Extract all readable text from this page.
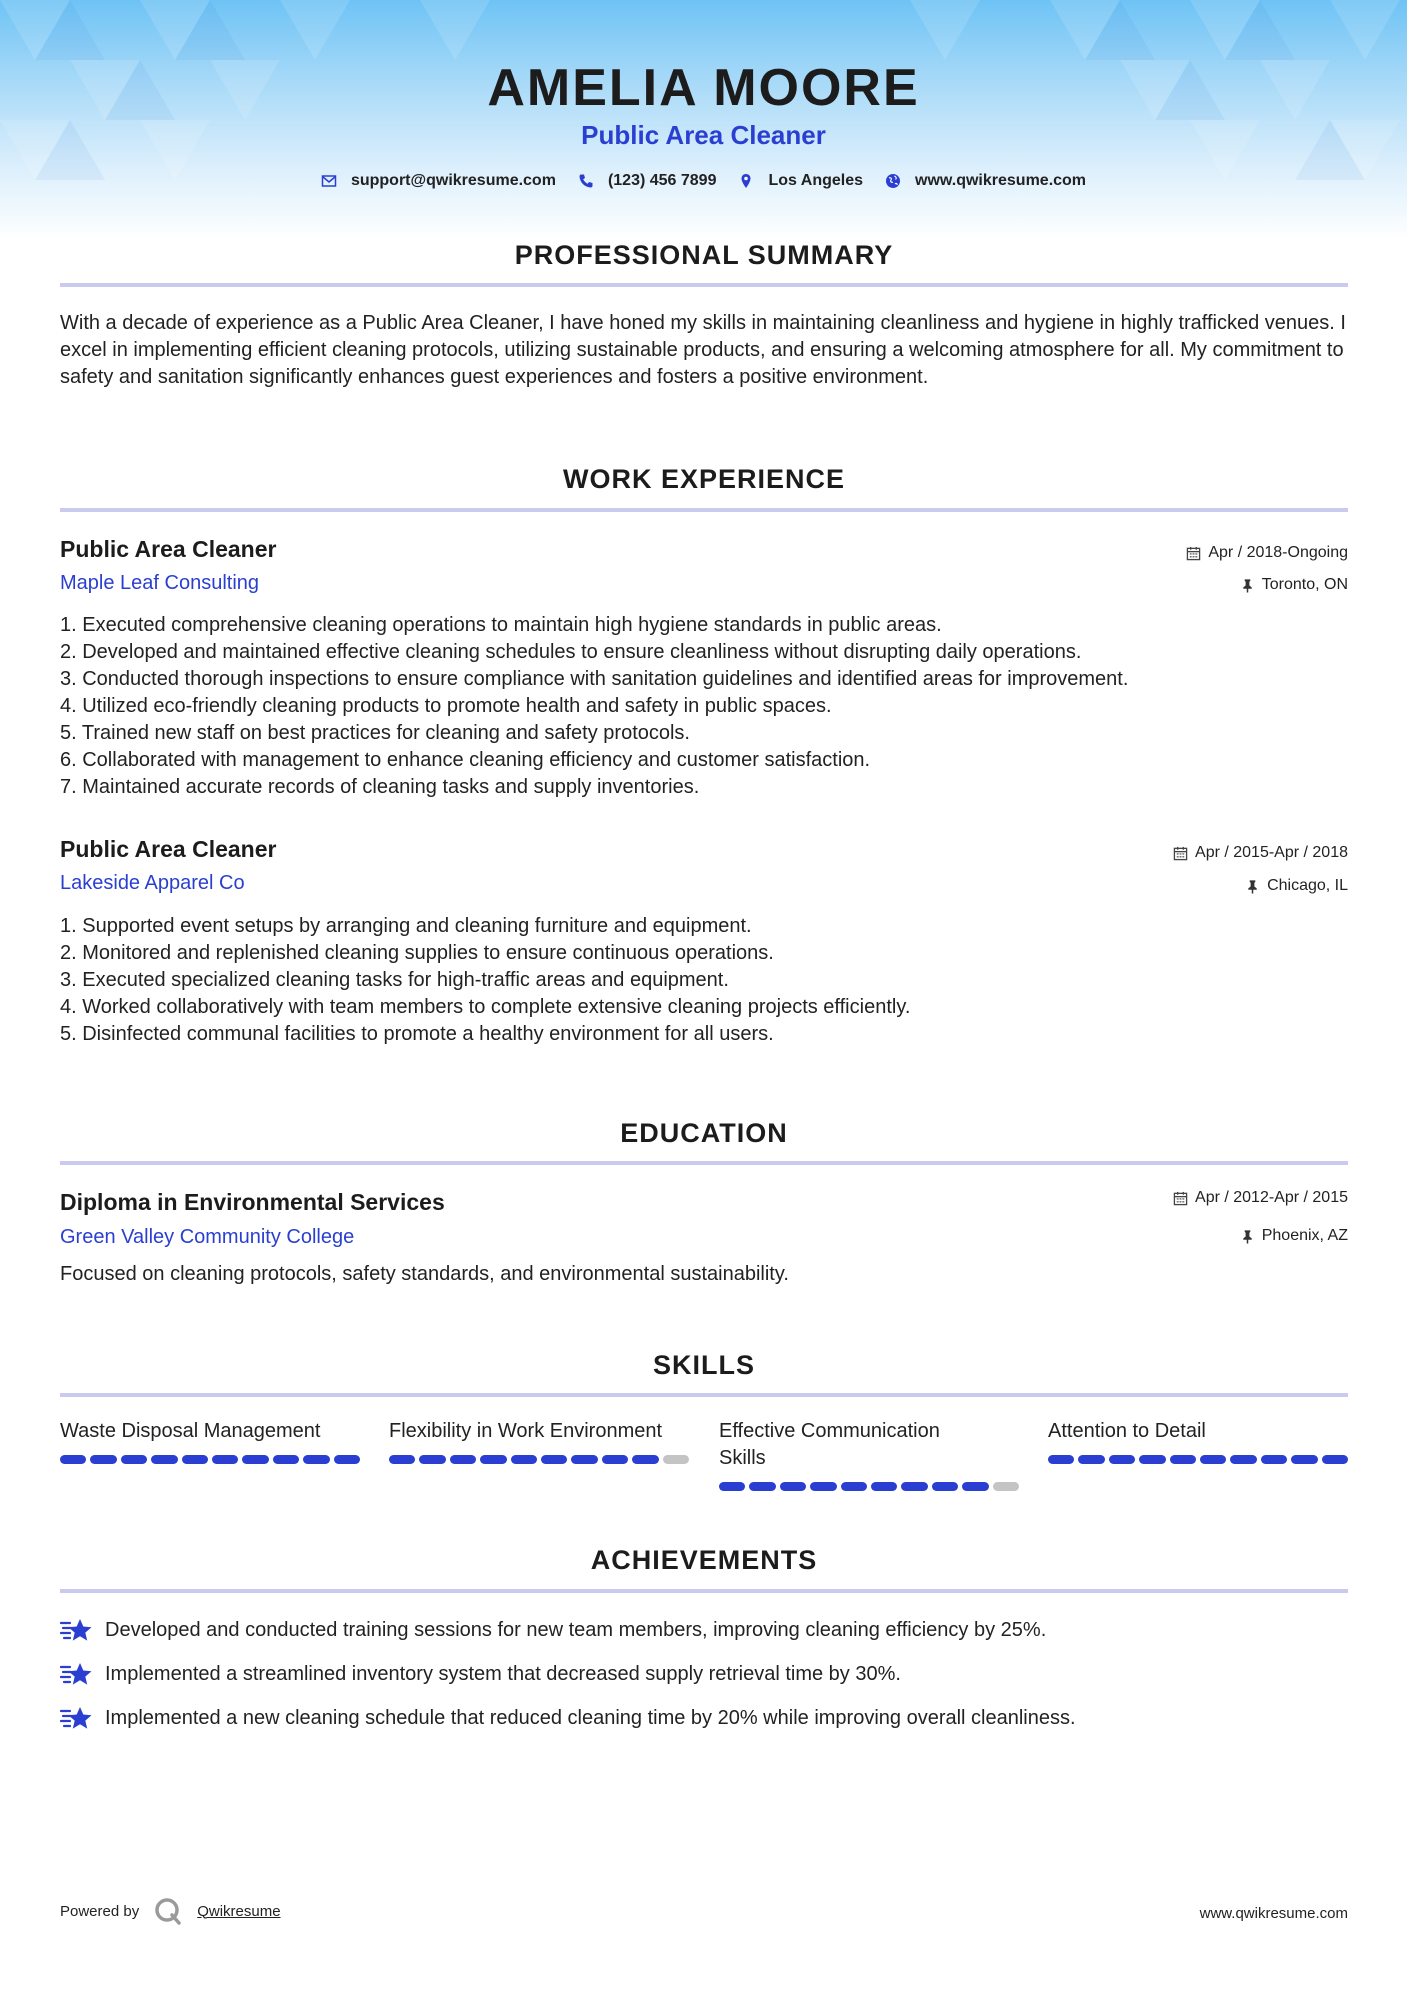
AMELIA MOORE
Public Area Cleaner
support@qwikresume.com	(123) 456 7899	Los Angeles	www.qwikresume.com
PROFESSIONAL SUMMARY
With a decade of experience as a Public Area Cleaner, I have honed my skills in maintaining cleanliness and hygiene in highly trafficked venues. I excel in implementing efficient cleaning protocols, utilizing sustainable products, and ensuring a welcoming atmosphere for all. My commitment to safety and sanitation significantly enhances guest experiences and fosters a positive environment.
WORK EXPERIENCE
Public Area Cleaner	Apr / 2018-Ongoing
Maple Leaf Consulting	Toronto, ON
1. Executed comprehensive cleaning operations to maintain high hygiene standards in public areas.
2. Developed and maintained effective cleaning schedules to ensure cleanliness without disrupting daily operations.
3. Conducted thorough inspections to ensure compliance with sanitation guidelines and identified areas for improvement.
4. Utilized eco-friendly cleaning products to promote health and safety in public spaces.
5. Trained new staff on best practices for cleaning and safety protocols.
6. Collaborated with management to enhance cleaning efficiency and customer satisfaction.
7. Maintained accurate records of cleaning tasks and supply inventories.
Public Area Cleaner	Apr / 2015-Apr / 2018
Lakeside Apparel Co	Chicago, IL
1. Supported event setups by arranging and cleaning furniture and equipment.
2. Monitored and replenished cleaning supplies to ensure continuous operations.
3. Executed specialized cleaning tasks for high-traffic areas and equipment.
4. Worked collaboratively with team members to complete extensive cleaning projects efficiently.
5. Disinfected communal facilities to promote a healthy environment for all users.
EDUCATION
Diploma in Environmental Services	Apr / 2012-Apr / 2015
Green Valley Community College	Phoenix, AZ
Focused on cleaning protocols, safety standards, and environmental sustainability.
SKILLS
Waste Disposal Management	Flexibility in Work Environment	Effective Communication Skills
Attention to Detail
ACHIEVEMENTS
Developed and conducted training sessions for new team members, improving cleaning efficiency by 25%.
Implemented a streamlined inventory system that decreased supply retrieval time by 30%.
Implemented a new cleaning schedule that reduced cleaning time by 20% while improving overall cleanliness.
Powered by	Qwikresume	www.qwikresume.com
